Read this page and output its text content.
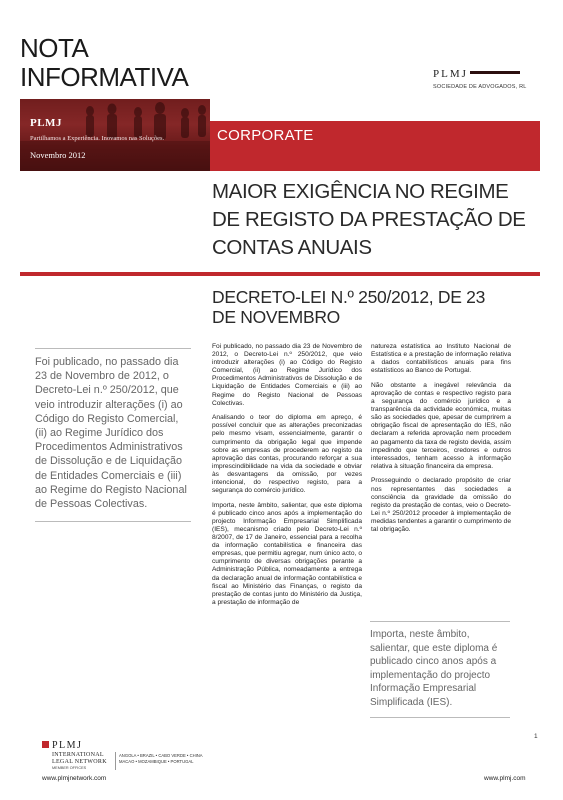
NOTA
INFORMATIVA	PLMJ
SOCIEDADE DE ADVOGADOS, RL
PLMJ
Partilhamos a Experiência. Inovamos nas Soluções.
Novembro 2012
CORPORATE
MAIOR EXIGÊNCIA NO REGIME
DE REGISTO DA PRESTAÇÃO DE
CONTAS ANUAIS
DECRETO-LEI N.º 250/2012, DE 23
DE NOVEMBRO

Foi publicado, no passado dia 23 de Novembro de 2012, o Decreto-Lei n.º 250/2012, que veio introduzir alterações (i) ao Código do Registo Comercial, (ii) ao Regime Jurídico dos Procedimentos Administrativos de Dissolução e de Liquidação de Entidades Comerciais e (iii) ao Regime do Registo Nacional de Pessoas Colectivas.

Foi publicado, no passado dia 23 de Novembro de 2012, o Decreto-Lei n.º 250/2012, que veio introduzir alterações (i) ao Código do Registo Comercial, (ii) ao Regime Jurídico dos Procedimentos Administrativos de Dissolução e de Liquidação de Entidades Comerciais e (iii) ao Regime do Registo Nacional de Pessoas Colectivas.

Analisando o teor do diploma em apreço, é possível concluir que as alterações preconizadas pelo mesmo visam, essencialmente, garantir o cumprimento da obrigação legal que impende sobre as empresas de procederem ao registo da aprovação das contas, procurando reforçar a sua imprescindibilidade na vida da sociedade e obviar às desvantagens da omissão, por vezes intencional, do respectivo registo, para a segurança do comércio jurídico.

Importa, neste âmbito, salientar, que este diploma é publicado cinco anos após a implementação do projecto Informação Empresarial Simplificada (IES), mecanismo criado pelo Decreto-Lei n.º 8/2007, de 17 de Janeiro, essencial para a recolha da informação contabilística e financeira das empresas, que permitiu agregar, num único acto, o cumprimento de diversas obrigações perante a Administração Pública, nomeadamente a entrega da declaração anual de informação contabilística e fiscal ao Ministério das Finanças, o registo da prestação de contas junto do Ministério da Justiça, a prestação de informação de

natureza estatística ao Instituto Nacional de Estatística e a prestação de informação relativa a dados contabilísticos anuais para fins estatísticos ao Banco de Portugal.

Não obstante a inegável relevância da aprovação de contas e respectivo registo para a segurança do comércio jurídico e a transparência da actividade económica, muitas são as sociedades que, apesar de cumprirem a obrigação fiscal de apresentação do IES, não declaram a referida aprovação nem procedem ao pagamento da taxa de registo devida, assim impedindo que terceiros, credores e outros interessados, tenham acesso à informação relativa à situação financeira da empresa.

Prosseguindo o declarado propósito de criar nos representantes das sociedades a consciência da gravidade da omissão do registo da prestação de contas, veio o Decreto-Lei n.º 250/2012 proceder à implementação de medidas tendentes a garantir o cumprimento de tal obrigação.

Importa, neste âmbito, salientar, que este diploma é publicado cinco anos após a implementação do projecto Informação Empresarial Simplificada (IES).

1
PLMJ
INTERNATIONAL
LEGAL NETWORK
MEMBER OFFICES
ANGOLA • BRAZIL • CABO VERDE • CHINA
MACAO • MOZAMBIQUE • PORTUGAL
www.plmjnetwork.com	www.plmj.com
